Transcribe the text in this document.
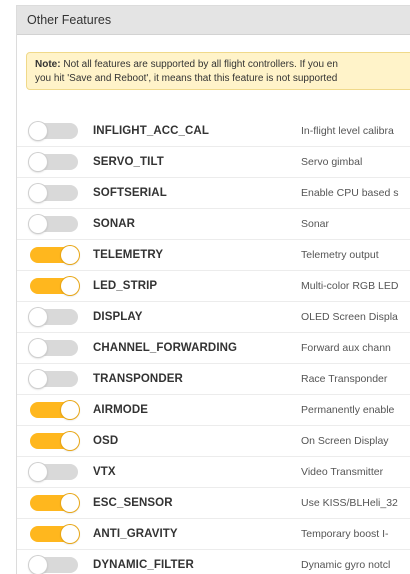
Other Features
Note: Not all features are supported by all flight controllers. If you en
you hit 'Save and Reboot', it means that this feature is not supported
INFLIGHT_ACC_CAL	In-flight level calibra
SERVO_TILT	Servo gimbal
SOFTSERIAL	Enable CPU based s
SONAR	Sonar
TELEMETRY	Telemetry output
LED_STRIP	Multi-color RGB LED
DISPLAY	OLED Screen Displa
CHANNEL_FORWARDING	Forward aux chann
TRANSPONDER	Race Transponder
AIRMODE	Permanently enable
OSD	On Screen Display
VTX	Video Transmitter
ESC_SENSOR	Use KISS/BLHeli_32
ANTI_GRAVITY	Temporary boost I-
DYNAMIC_FILTER	Dynamic gyro notcl
